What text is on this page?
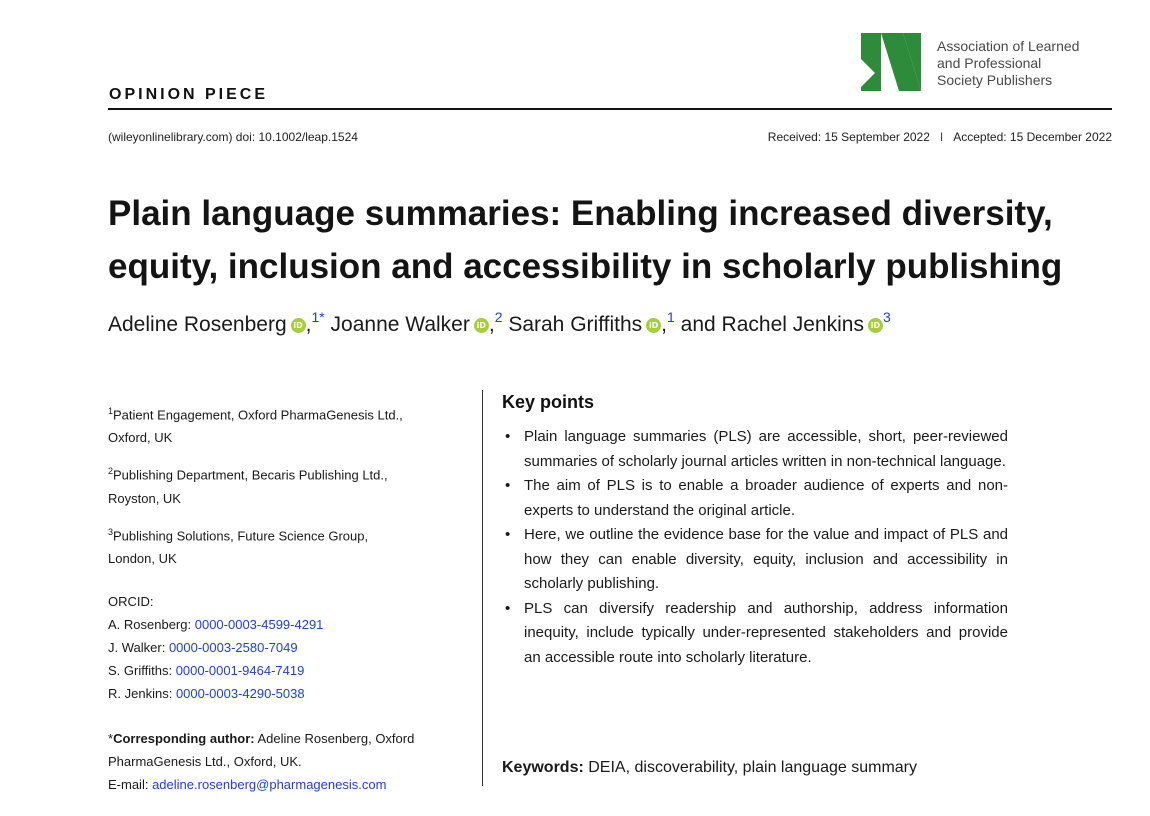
Association of Learned
and Professional
Society Publishers
OPINION PIECE
(wileyonlinelibrary.com) doi: 10.1002/leap.1524	Received: 15 September 2022 I Accepted: 15 December 2022
Plain language summaries: Enabling increased diversity,
equity, inclusion and accessibility in scholarly publishing
Adeline Rosenberg iD ,$^{1*}$ Joanne Walker iD ,$^2$ Sarah Griffiths iD ,$^1$ and Rachel Jenkins $iD^3$
$^1$Patient Engagement, Oxford PharmaGenesis Ltd.,
Oxford, UK
$^2$Publishing Department, Becaris Publishing Ltd.,
Royston, UK
$^3$Publishing Solutions, Future Science Group,
London, UK
ORCID:
A. Rosenberg: 0000-0003-4599-4291
J. Walker: 0000-0003-2580-7049
S. Griffiths: 0000-0001-9464-7419
R. Jenkins: 0000-0003-4290-5038
*Corresponding author: Adeline Rosenberg, Oxford
PharmaGenesis Ltd., Oxford, UK.
E-mail: adeline.rosenberg@pharmagenesis.com
Key points
• Plain language summaries (PLS) are accessible, short, peer-reviewed summaries of scholarly journal articles written in non-technical language.
• The aim of PLS is to enable a broader audience of experts and non-experts to understand the original article.
• Here, we outline the evidence base for the value and impact of PLS and how they can enable diversity, equity, inclusion and accessibility in scholarly publishing.
• PLS can diversify readership and authorship, address information inequity, include typically under-represented stakeholders and provide an accessible route into scholarly literature.
Keywords: DEIA, discoverability, plain language summary
